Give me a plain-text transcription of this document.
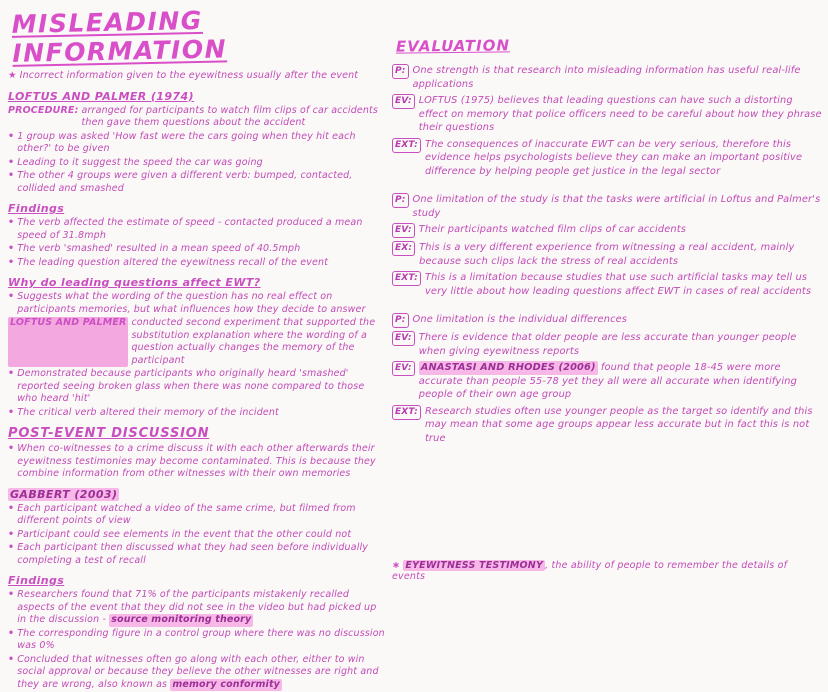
MISLEADING INFORMATION
★ Incorrect information given to the eyewitness usually after the event
LOFTUS AND PALMER (1974)
PROCEDURE: arranged for participants to watch film clips of car accidents then gave them questions about the accident
• 1 group was asked 'How fast were the cars going when they hit each other?' to be given
• Leading to it suggest the speed the car was going
• The other 4 groups were given a different verb: bumped, contacted, collided and smashed
Findings
• The verb affected the estimate of speed - contacted produced a mean speed of 31.8mph
• The verb 'smashed' resulted in a mean speed of 40.5mph
• The leading question altered the eyewitness recall of the event
Why do leading questions affect EWT?
• Suggests what the wording of the question has no real effect on participants memories, but what influences how they decide to answer
LOFTUS AND PALMER conducted second experiment that supported the substitution explanation where the wording of a question actually changes the memory of the participant
• Demonstrated because participants who originally heard 'smashed' reported seeing broken glass when there was none compared to those who heard 'hit'
• The critical verb altered their memory of the incident
POST-EVENT DISCUSSION
• When co-witnesses to a crime discuss it with each other afterwards their eyewitness testimonies may become contaminated. This is because they combine information from other witnesses with their own memories
GABBERT (2003)
• Each participant watched a video of the same crime, but filmed from different points of view
• Participant could see elements in the event that the other could not
• Each participant then discussed what they had seen before individually completing a test of recall
Findings
• Researchers found that 71% of the participants mistakenly recalled aspects of the event that they did not see in the video but had picked up in the discussion - source monitoring theory
• The corresponding figure in a control group where there was no discussion was 0%
• Concluded that witnesses often go along with each other, either to win social approval or because they believe the other witnesses are right and they are wrong, also known as memory conformity
EVALUATION
P: One strength is that research into misleading information has useful real-life applications
EV: LOFTUS (1975) believes that leading questions can have such a distorting effect on memory that police officers need to be careful about how they phrase their questions
EXT: The consequences of inaccurate EWT can be very serious, therefore this evidence helps psychologists believe they can make an important positive difference by helping people get justice in the legal sector
P: One limitation of the study is that the tasks were artificial in Loftus and Palmer's study
EV: Their participants watched film clips of car accidents
EX: This is a very different experience from witnessing a real accident, mainly because such clips lack the stress of real accidents
EXT: This is a limitation because studies that use such artificial tasks may tell us very little about how leading questions affect EWT in cases of real accidents
P: One limitation is the individual differences
EV: There is evidence that older people are less accurate than younger people when giving eyewitness reports
EV: ANASTASI AND RHODES (2006) found that people 18-45 were more accurate than people 55-78 yet they all were all accurate when identifying people of their own age group
EXT: Research studies often use younger people as the target so identify and this may mean that some age groups appear less accurate but in fact this is not true
∗ EYEWITNESS TESTIMONY , the ability of people to remember the details of events
